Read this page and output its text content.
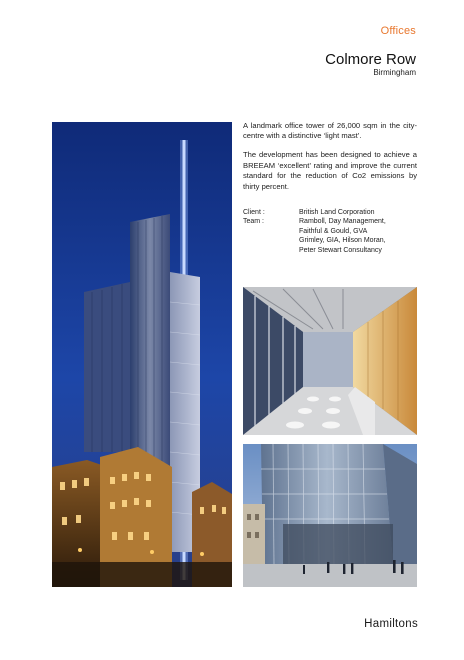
Offices
Colmore Row
Birmingham

A landmark office tower of 26,000 sqm in the city-centre with a distinctive ‘light mast’.

The development has been designed to achieve a BREEAM ‘excellent’ rating and improve the current standard for the reduction of Co2 emissions by thirty percent.

Client :	British Land Corporation
Team :	Ramboll, Day Management,
Faithful & Gould, GVA
Grimley, GIA, Hilson Moran,
Peter Stewart Consultancy
Hamiltons
